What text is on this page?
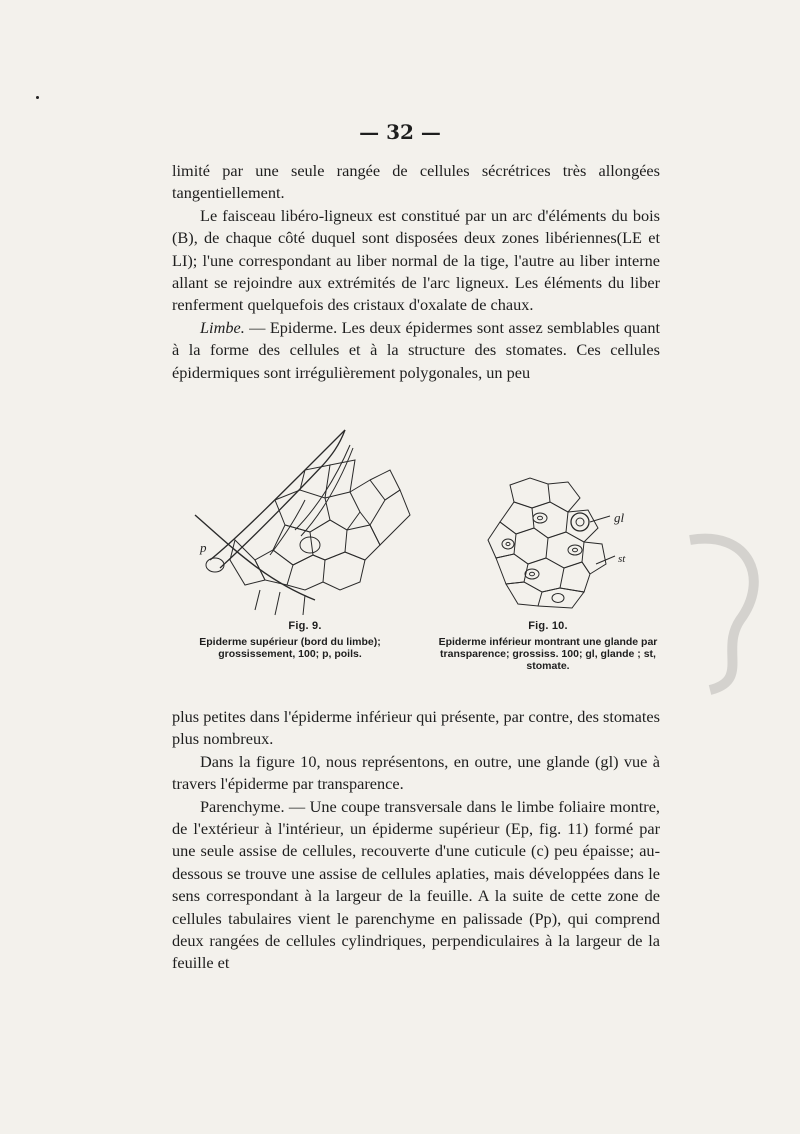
— 32 —

limité par une seule rangée de cellules sécrétrices très allongées tangentiellement.

Le faisceau libéro-ligneux est constitué par un arc d'éléments du bois (B), de chaque côté duquel sont disposées deux zones libériennes(LE et LI); l'une correspondant au liber normal de la tige, l'autre au liber interne allant se rejoindre aux extrémités de l'arc ligneux. Les éléments du liber renferment quelquefois des cristaux d'oxalate de chaux.

Limbe. — Epiderme. Les deux épidermes sont assez semblables quant à la forme des cellules et à la structure des stomates. Ces cellules épidermiques sont irrégulièrement polygonales, un peu

p
Fig. 9.
Epiderme supérieur (bord du limbe); grossissement, 100; p, poils.
gl
st
Fig. 10.
Epiderme inférieur montrant une glande par transparence; grossiss. 100; gl, glande ; st, stomate.

plus petites dans l'épiderme inférieur qui présente, par contre, des stomates plus nombreux.

Dans la figure 10, nous représentons, en outre, une glande (gl) vue à travers l'épiderme par transparence.

Parenchyme. — Une coupe transversale dans le limbe foliaire montre, de l'extérieur à l'intérieur, un épiderme supérieur (Ep, fig. 11) formé par une seule assise de cellules, recouverte d'une cuticule (c) peu épaisse; au-dessous se trouve une assise de cellules aplaties, mais développées dans le sens correspondant à la largeur de la feuille. A la suite de cette zone de cellules tabulaires vient le parenchyme en palissade (Pp), qui comprend deux rangées de cellules cylindriques, perpendiculaires à la largeur de la feuille et
